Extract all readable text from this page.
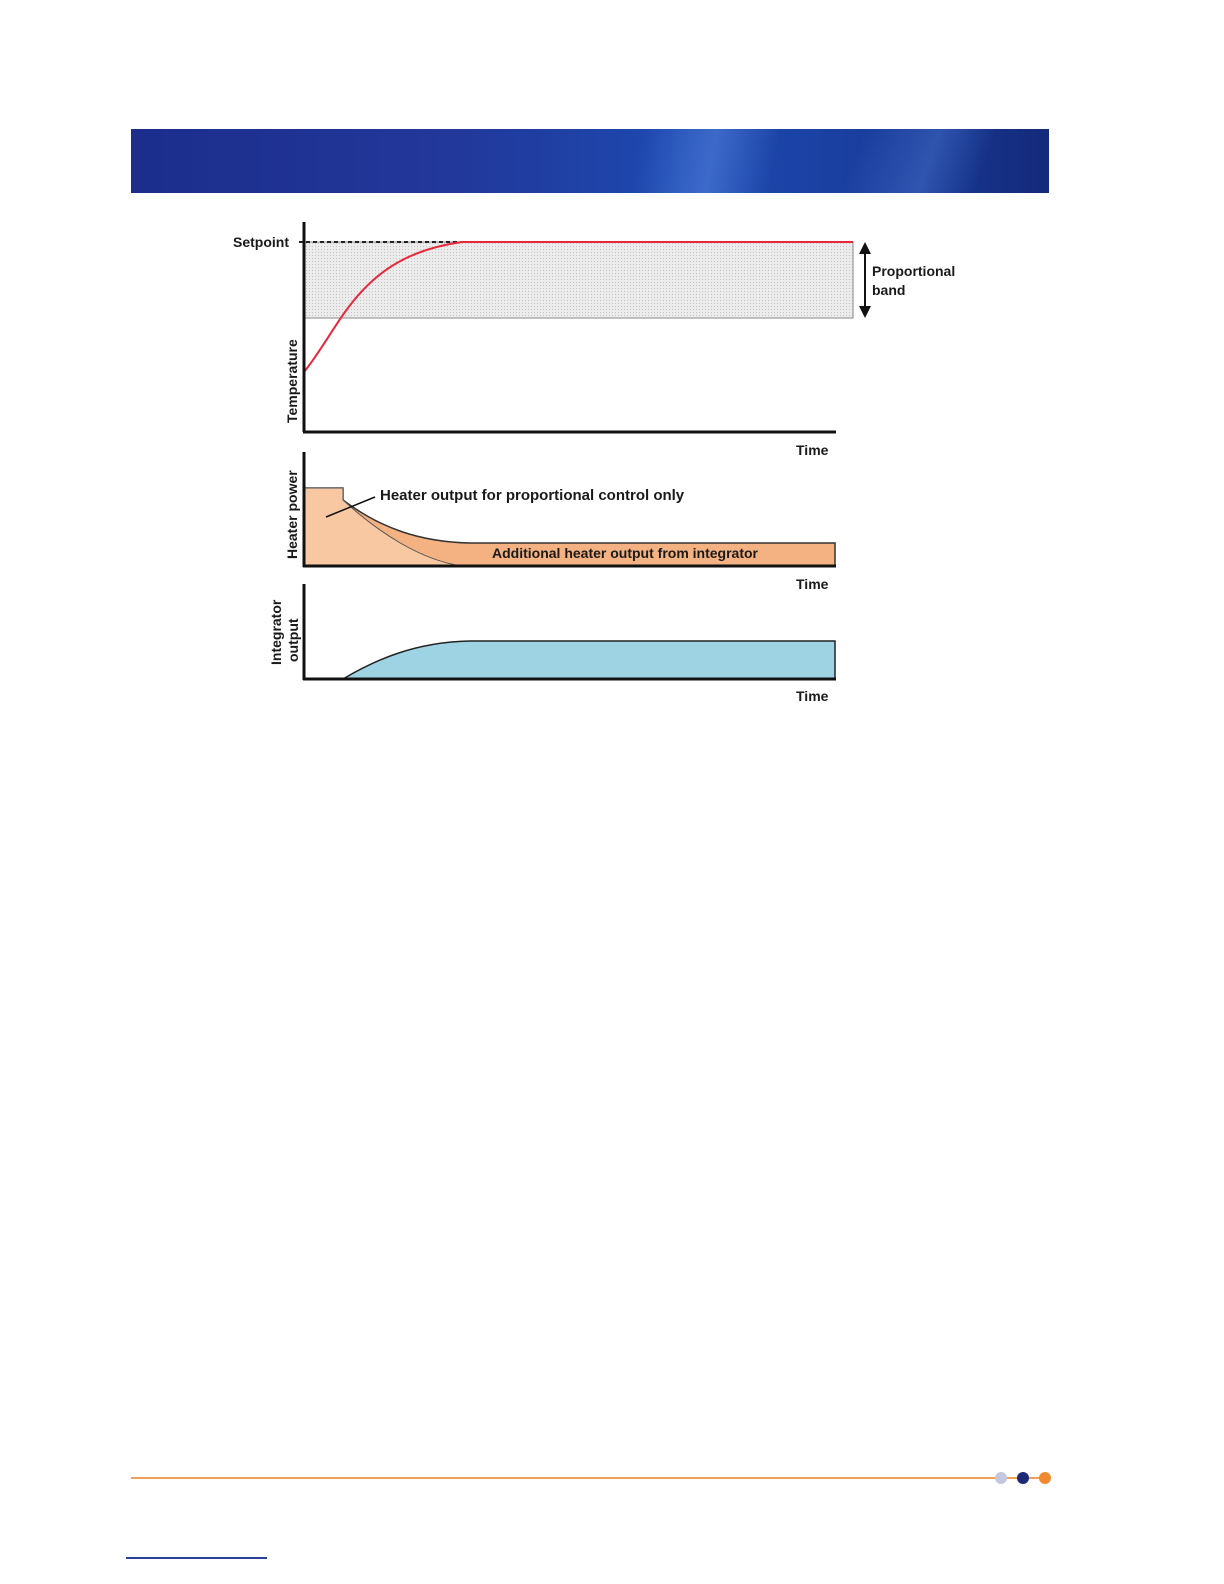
Setpoint
Temperature
Time
Proportional
band
Heater power	Heater output for proportional control only
Additional heater output from integrator
Time
Integrator output
Time
